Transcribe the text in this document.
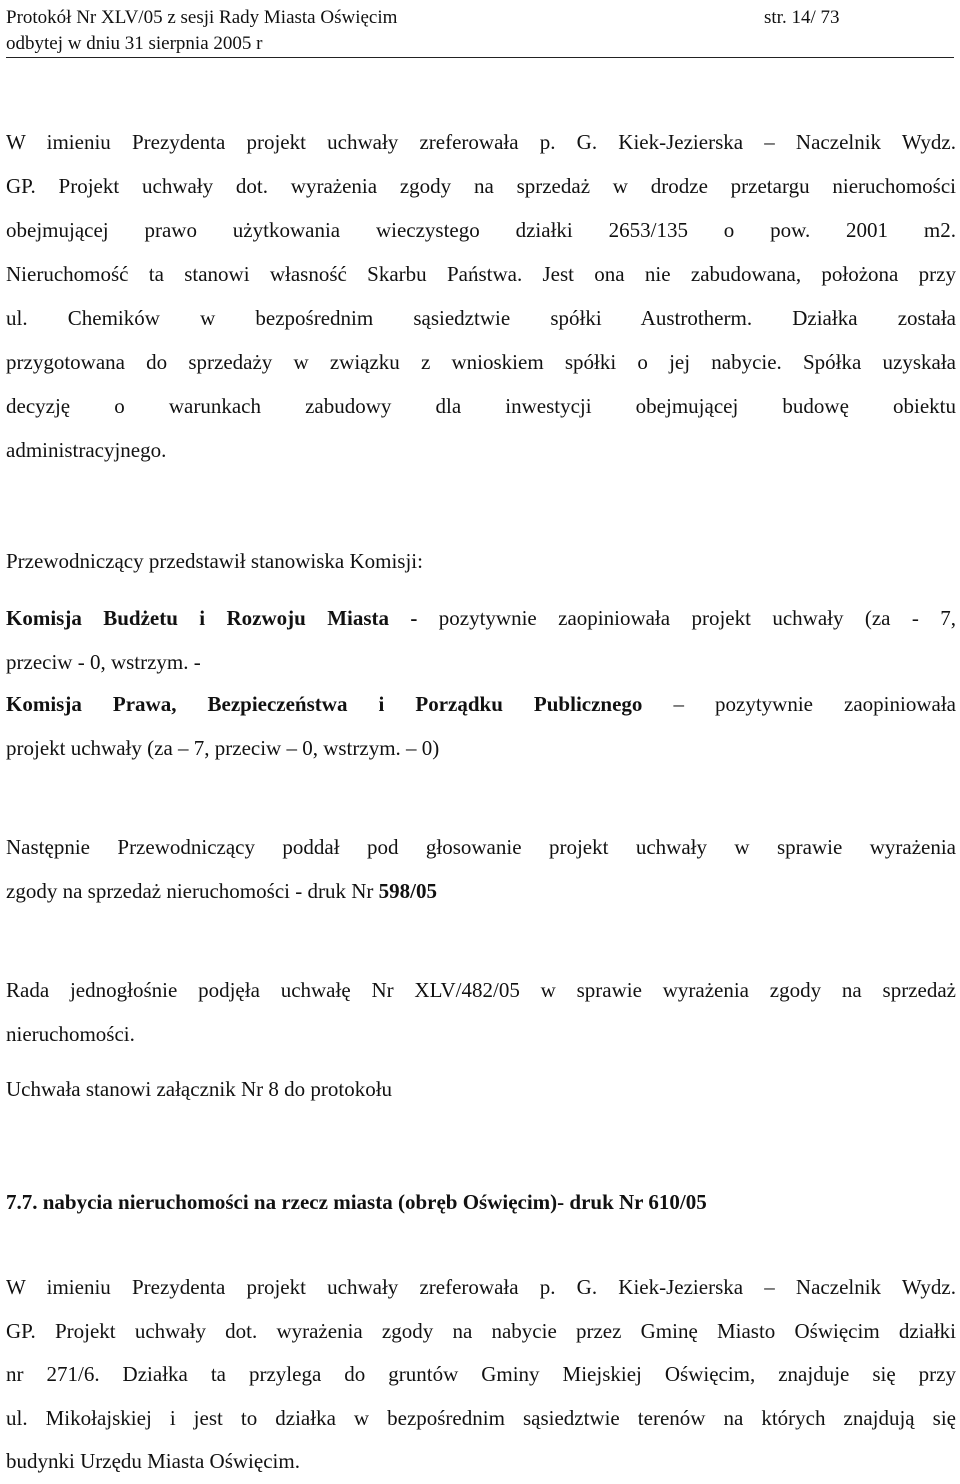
Protokół Nr XLV/05 z sesji Rady Miasta Oświęcim	str. 14/ 73
odbytej w dniu 31 sierpnia 2005 r
W imieniu Prezydenta projekt uchwały zreferowała p. G. Kiek-Jezierska – Naczelnik Wydz.
GP. Projekt uchwały dot. wyrażenia zgody na sprzedaż w drodze przetargu nieruchomości
obejmującej prawo użytkowania wieczystego działki 2653/135 o pow. 2001 m2.
Nieruchomość ta stanowi własność Skarbu Państwa. Jest ona nie zabudowana, położona przy
ul. Chemików w bezpośrednim sąsiedztwie spółki Austrotherm. Działka została
przygotowana do sprzedaży w związku z wnioskiem spółki o jej nabycie. Spółka uzyskała
decyzję o warunkach zabudowy dla inwestycji obejmującej budowę obiektu
administracyjnego.
Przewodniczący przedstawił stanowiska Komisji:
Komisja Budżetu i Rozwoju Miasta - pozytywnie zaopiniowała projekt uchwały (za - 7,
przeciw - 0, wstrzym. -
Komisja Prawa, Bezpieczeństwa i Porządku Publicznego – pozytywnie zaopiniowała
projekt uchwały (za – 7, przeciw – 0, wstrzym. – 0)
Następnie Przewodniczący poddał pod głosowanie projekt uchwały w sprawie wyrażenia
zgody na sprzedaż nieruchomości - druk Nr 598/05
Rada jednogłośnie podjęła uchwałę Nr XLV/482/05 w sprawie wyrażenia zgody na sprzedaż
nieruchomości.
Uchwała stanowi załącznik Nr 8 do protokołu
7.7. nabycia nieruchomości na rzecz miasta (obręb Oświęcim)- druk Nr 610/05
W imieniu Prezydenta projekt uchwały zreferowała p. G. Kiek-Jezierska – Naczelnik Wydz.
GP. Projekt uchwały dot. wyrażenia zgody na nabycie przez Gminę Miasto Oświęcim działki
nr 271/6. Działka ta przylega do gruntów Gminy Miejskiej Oświęcim, znajduje się przy
ul. Mikołajskiej i jest to działka w bezpośrednim sąsiedztwie terenów na których znajdują się
budynki Urzędu Miasta Oświęcim.
